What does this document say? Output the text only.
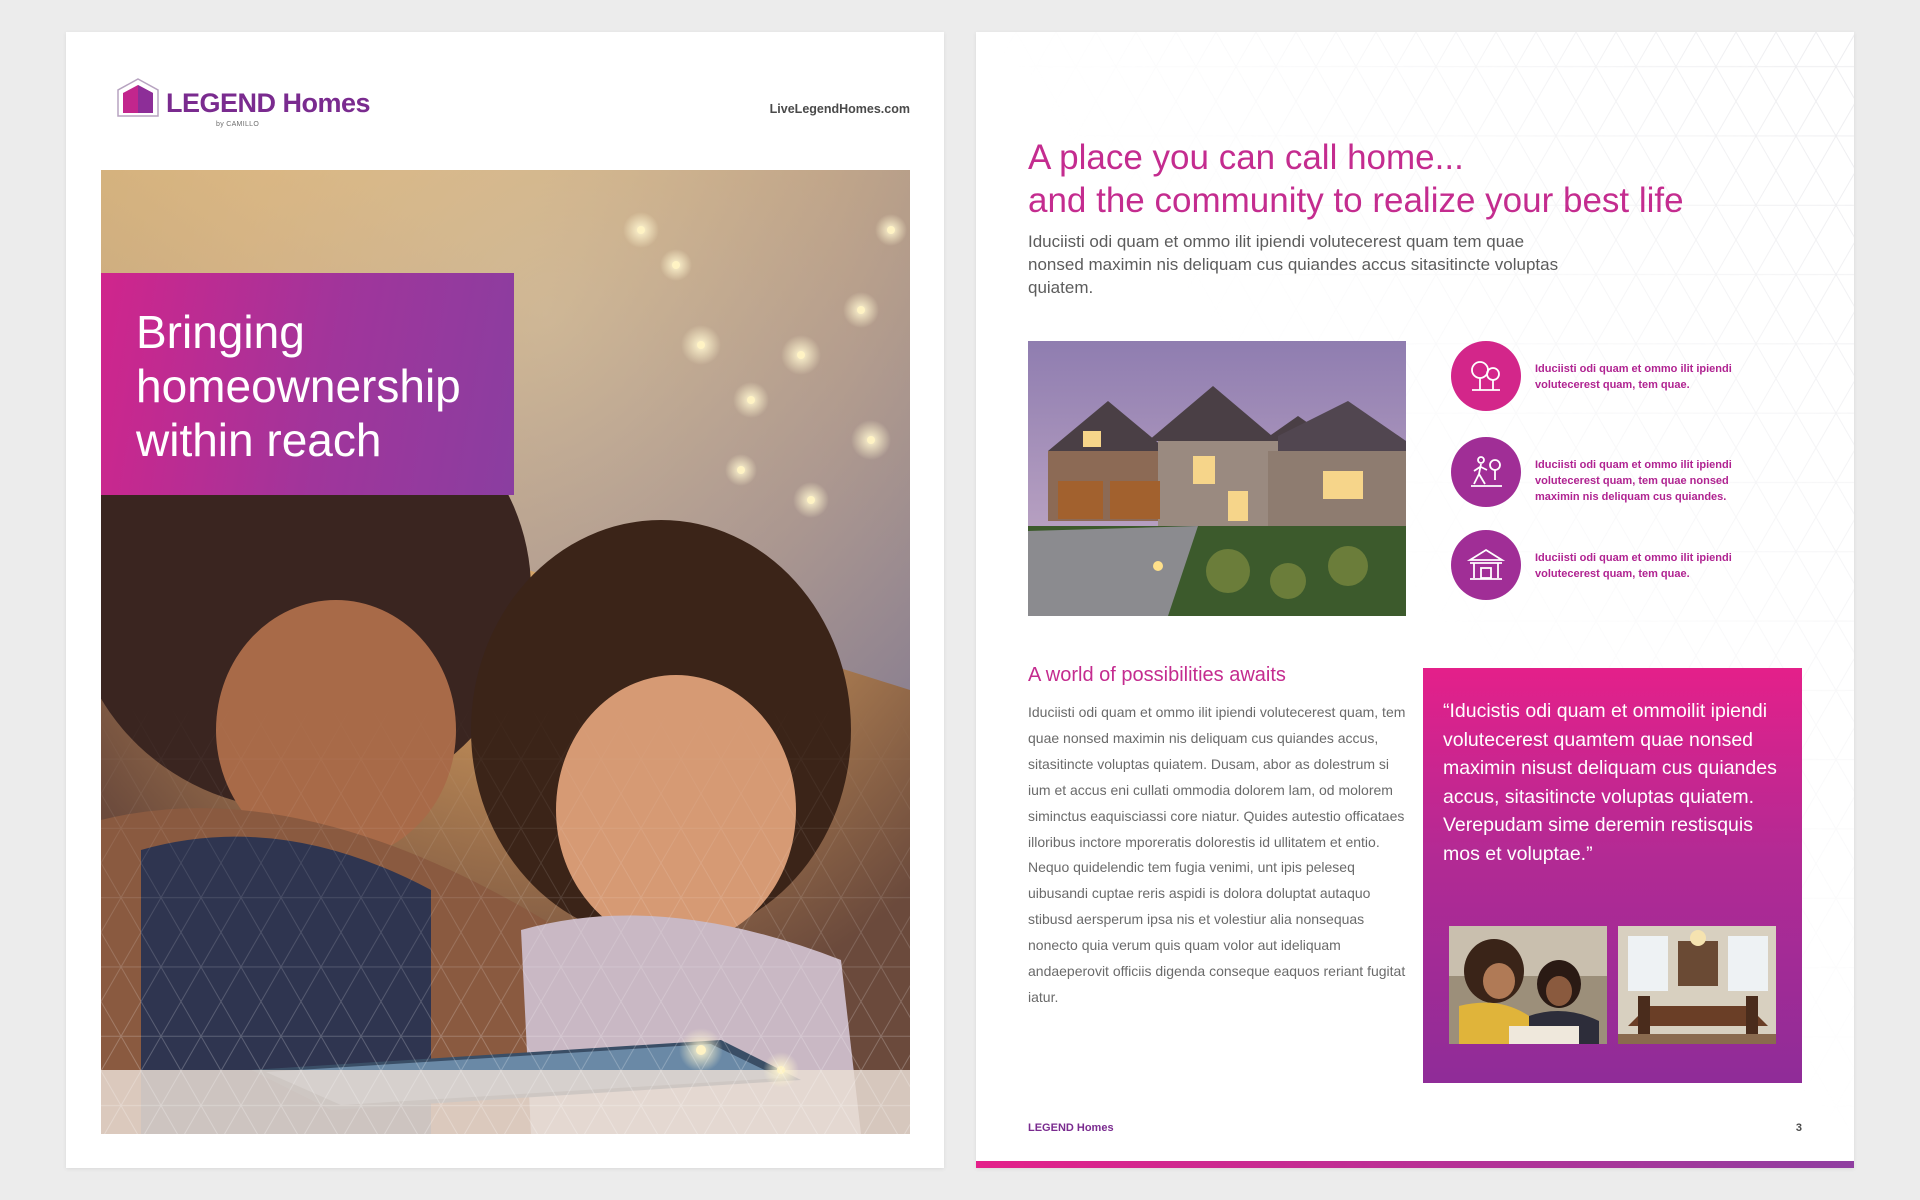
LEGEND Homes
by CAMILLO
LiveLegendHomes.com
Bringing homeownership within reach
A place you can call home...
and the community to realize your best life
Iduciisti odi quam et ommo ilit ipiendi volutecerest quam tem quae nonsed maximin nis deliquam cus quiandes accus sitasitincte voluptas quiatem.
Iduciisti odi quam et ommo ilit ipiendi volutecerest quam, tem quae.
Iduciisti odi quam et ommo ilit ipiendi volutecerest quam, tem quae nonsed maximin nis deliquam cus quiandes.
Iduciisti odi quam et ommo ilit ipiendi volutecerest quam, tem quae.
A world of possibilities awaits
Iduciisti odi quam et ommo ilit ipiendi volutecerest quam, tem quae nonsed maximin nis deliquam cus quiandes accus, sitasitincte voluptas quiatem. Dusam, abor as dolestrum si ium et accus eni cullati ommodia dolorem lam, od molorem siminctus eaquisciassi core niatur. Quides autestio officataes illoribus inctore mporeratis dolorestis id ullitatem et entio. Nequo quidelendic tem fugia venimi, unt ipis peleseq uibusandi cuptae reris aspidi is dolora doluptat autaquo stibusd aersperum ipsa nis et volestiur alia nonsequas nonecto quia verum quis quam volor aut ideliquam andaeperovit officiis digenda conseque eaquos reriant fugitat iatur.
“Iducistis odi quam et ommoilit ipiendi volutecerest quamtem quae nonsed maximin nisust deliquam cus quiandes accus, sitasitincte voluptas quiatem. Verepudam sime deremin restisquis mos et voluptae.”
LEGEND Homes	3
